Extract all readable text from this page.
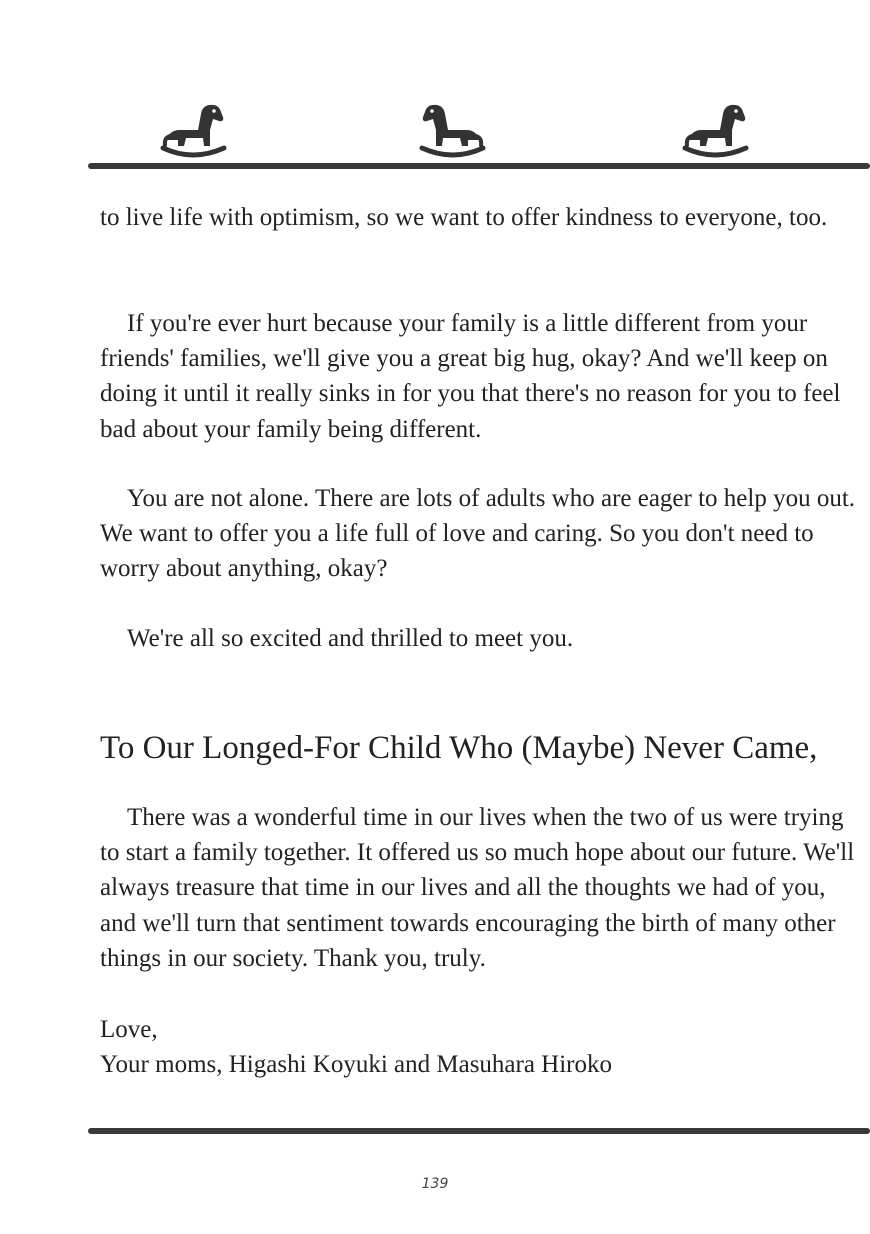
to live life with optimism, so we want to offer kindness to everyone, too.

If you're ever hurt because your family is a little different from your friends' families, we'll give you a great big hug, okay? And we'll keep on doing it until it really sinks in for you that there's no reason for you to feel bad about your family being different.

You are not alone. There are lots of adults who are eager to help you out. We want to offer you a life full of love and caring. So you don't need to worry about anything, okay?

We're all so excited and thrilled to meet you.

To Our Longed-For Child Who (Maybe) Never Came,

There was a wonderful time in our lives when the two of us were trying to start a family together. It offered us so much hope about our future. We'll always treasure that time in our lives and all the thoughts we had of you, and we'll turn that sentiment towards encouraging the birth of many other things in our society. Thank you, truly.

Love,

Your moms, Higashi Koyuki and Masuhara Hiroko

139
